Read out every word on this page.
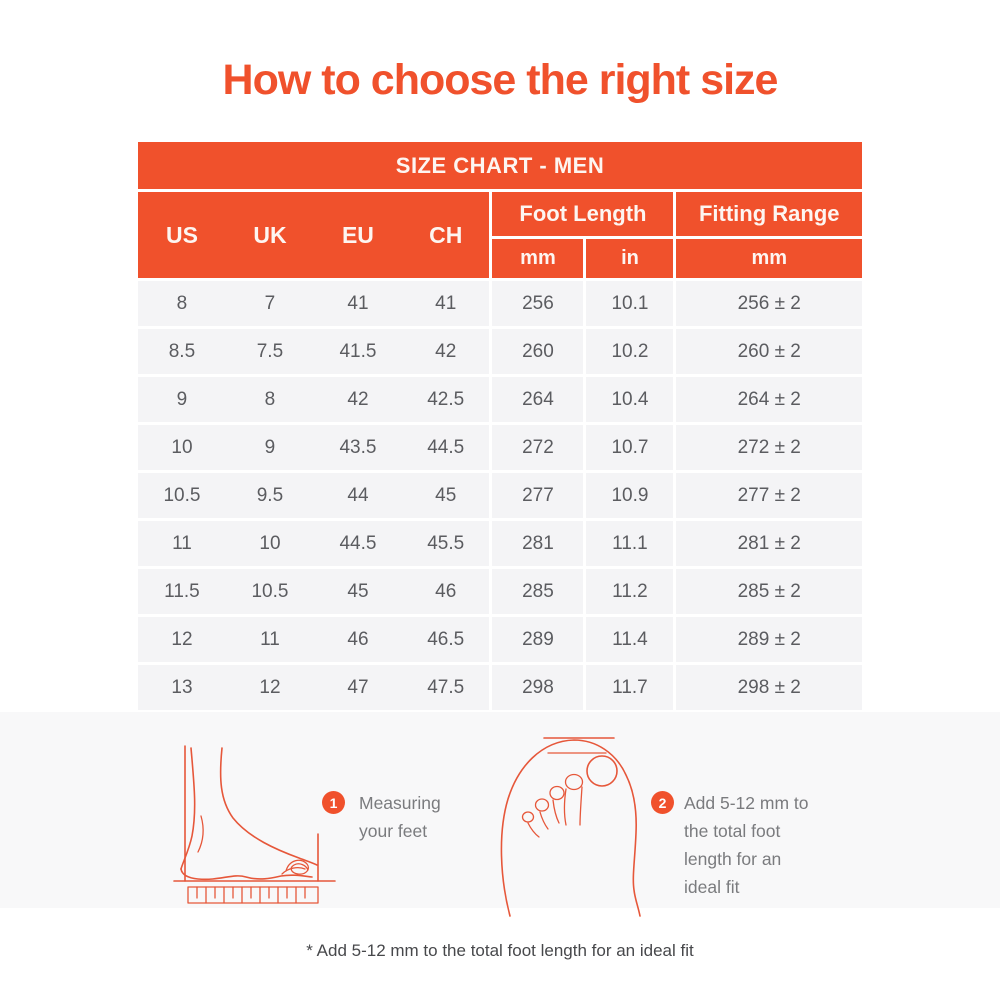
How to choose the right size
SIZE CHART - MEN						
US	UK	EU	CH	Foot Length		Fitting Range
				mm	in	mm
8	7	41	41	256	10.1	256 ± 2
8.5	7.5	41.5	42	260	10.2	260 ± 2
9	8	42	42.5	264	10.4	264 ± 2
10	9	43.5	44.5	272	10.7	272 ± 2
10.5	9.5	44	45	277	10.9	277 ± 2
11	10	44.5	45.5	281	11.1	281 ± 2
11.5	10.5	45	46	285	11.2	285 ± 2
12	11	46	46.5	289	11.4	289 ± 2
13	12	47	47.5	298	11.7	298 ± 2
1	Measuring
your feet
2	Add 5-12 mm to
the total foot
length for an
ideal fit
* Add 5-12 mm to the total foot length for an ideal fit
